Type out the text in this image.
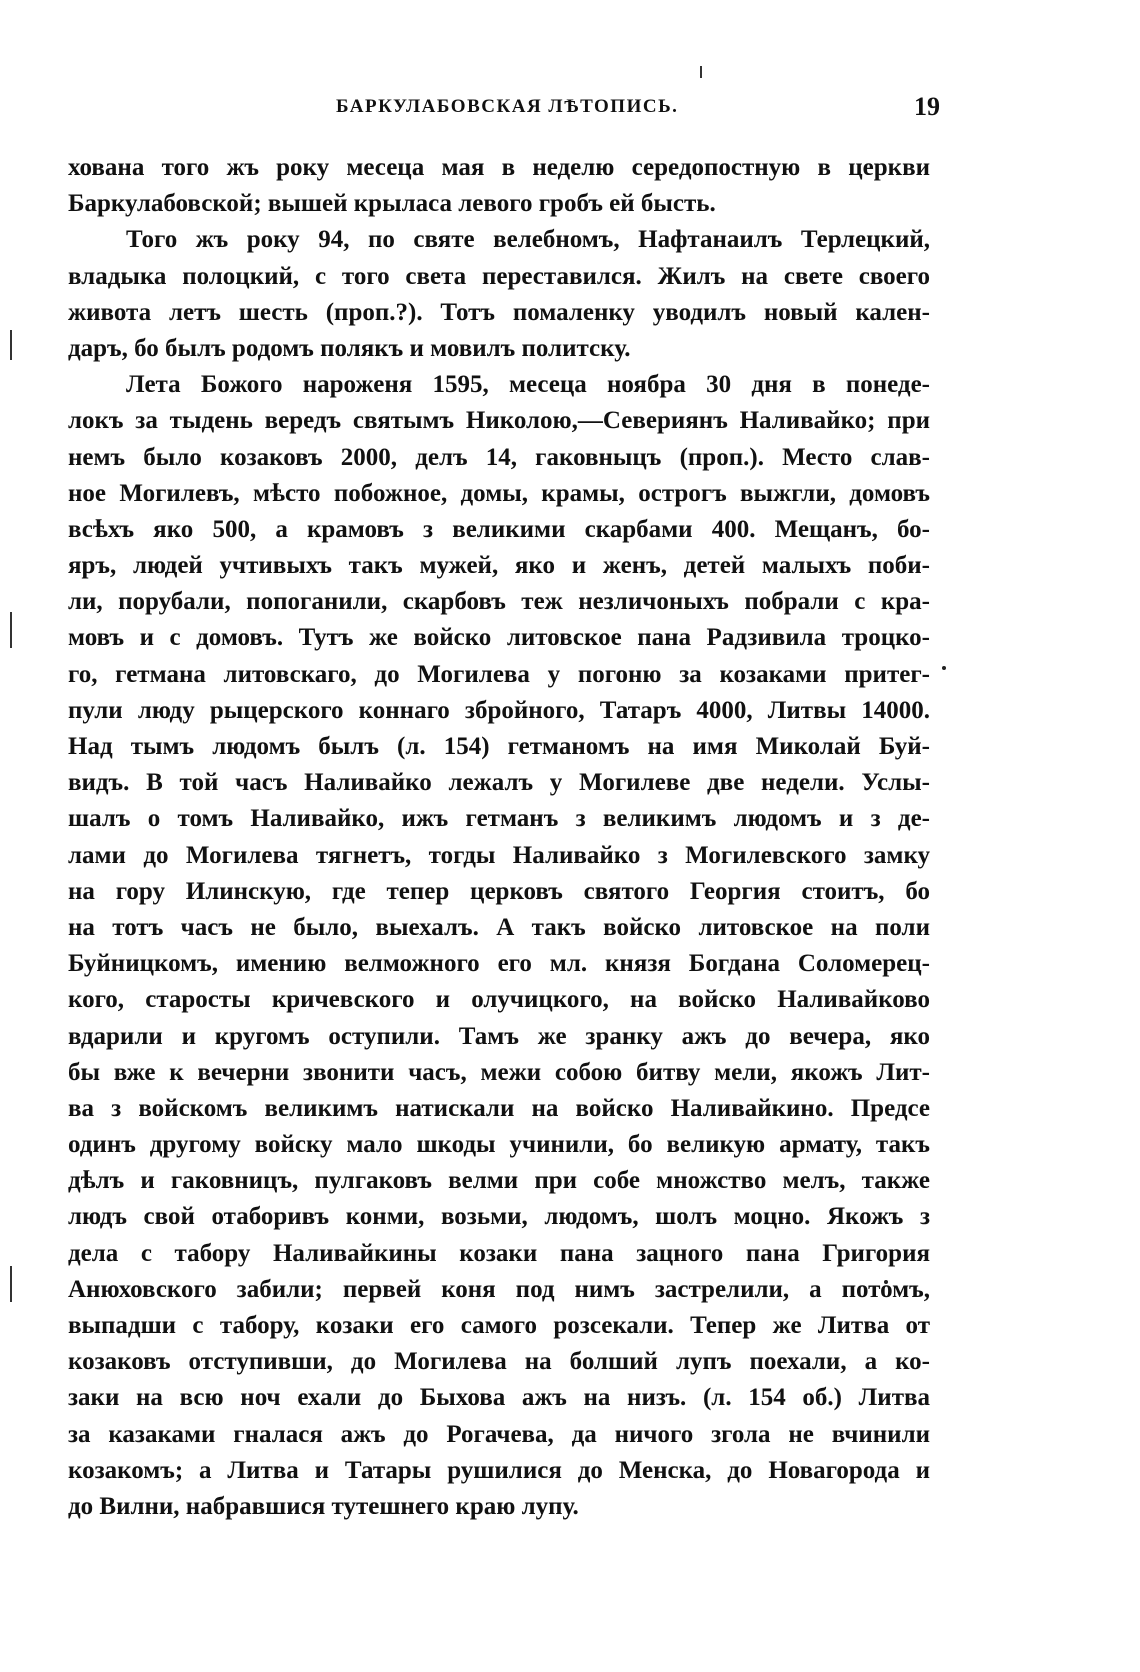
БАРКУЛАБОВСКАЯ ЛѢТОПИСЬ.	19
хована того жъ року месеца мая в неделю середопостную в церкви
Баркулабовской; вышей крыласа левого гробъ ей бысть.
Того жъ року 94, по святе велебномъ, Нафтанаилъ Терлецкий,
владыка полоцкий, с того света переставился. Жилъ на свете своего
живота летъ шесть (проп.?). Тотъ помаленку уводилъ новый кален-
даръ, бо былъ родомъ полякъ и мовилъ политску.
Лета Божого нароженя 1595, месеца ноябра 30 дня в понеде-
локъ за тыдень вередъ святымъ Николою,—Севериянъ Наливайко; при
немъ было козаковъ 2000, делъ 14, гаковныцъ (проп.). Место слав-
ное Могилевъ, мѣсто побожное, домы, крамы, острогъ выжгли, домовъ
всѣхъ яко 500, а крамовъ з великими скарбами 400. Мещанъ, бо-
яръ, людей учтивыхъ такъ мужей, яко и женъ, детей малыхъ поби-
ли, порубали, попоганили, скарбовъ теж незличоныхъ побрали с кра-
мовъ и с домовъ. Тутъ же войско литовское пана Радзивила троцко-
го, гетмана литовскаго, до Могилева у погоню за козаками притег-
пули люду рыцерского коннаго збройного, Татаръ 4000, Литвы 14000.
Над тымъ людомъ былъ (л. 154) гетманомъ на имя Миколай Буй-
видъ. В той часъ Наливайко лежалъ у Могилеве две недели. Услы-
шалъ о томъ Наливайко, ижъ гетманъ з великимъ людомъ и з де-
лами до Могилева тягнетъ, тогды Наливайко з Могилевского замку
на гору Илинскую, где тепер церковъ святого Георгия стоитъ, бо
на тотъ часъ не было, выехалъ. А такъ войско литовское на поли
Буйницкомъ, имению велможного его мл. князя Богдана Соломерец-
кого, старосты кричевского и олучицкого, на войско Наливайково
вдарили и кругомъ оступили. Тамъ же зранку ажъ до вечера, яко
бы вже к вечерни звонити часъ, межи собою битву мели, якожъ Лит-
ва з войскомъ великимъ натискали на войско Наливайкино. Предсе
одинъ другому войску мало шкоды учинили, бо великую армату, такъ
дѣлъ и гаковницъ, пулгаковъ велми при собе множство мелъ, также
людъ свой отаборивъ конми, возьми, людомъ, шолъ моцно. Якожъ з
дела с табору Наливайкины козаки пана зацного пана Григория
Анюховского забили; первей коня под нимъ застрелили, а потомъ,
выпадши с табору, козаки его самого розсекали. Тепер же Литва от
козаковъ отступивши, до Могилева на болший лупъ поехали, а ко-
заки на всю ноч ехали до Быхова ажъ на низъ. (л. 154 об.) Литва
за казаками гналася ажъ до Рогачева, да ничого згола не вчинили
козакомъ; а Литва и Татары рушилися до Менска, до Новагорода и
до Вилни, набравшися тутешнего краю лупу.
